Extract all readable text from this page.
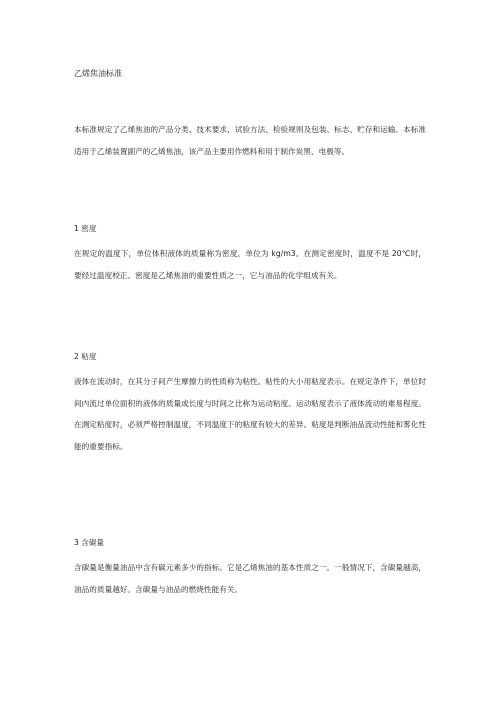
乙烯焦油标准

本标准规定了乙烯焦油的产品分类、技术要求、试验方法、检验规则及包装、标志、贮存和运输。本标准适用于乙烯装置副产的乙烯焦油，该产品主要用作燃料和用于制作炭黑、电极等。

1 密度

在规定的温度下，单位体积液体的质量称为密度，单位为 kg/m3。在测定密度时，温度不是 20℃时，要经过温度校正。密度是乙烯焦油的重要性质之一，它与油品的化学组成有关。

2 粘度

液体在流动时，在其分子间产生摩擦力的性质称为粘性。粘性的大小用粘度表示。在规定条件下，单位时间内流过单位面积的液体的质量或长度与时间之比称为运动粘度。运动粘度表示了液体流动的难易程度。在测定粘度时，必须严格控制温度，不同温度下的粘度有较大的差异。粘度是判断油品流动性能和雾化性能的重要指标。

3 含碳量

含碳量是衡量油品中含有碳元素多少的指标。它是乙烯焦油的基本性质之一。一般情况下，含碳量越高，油品的质量越好。含碳量与油品的燃烧性能有关。
